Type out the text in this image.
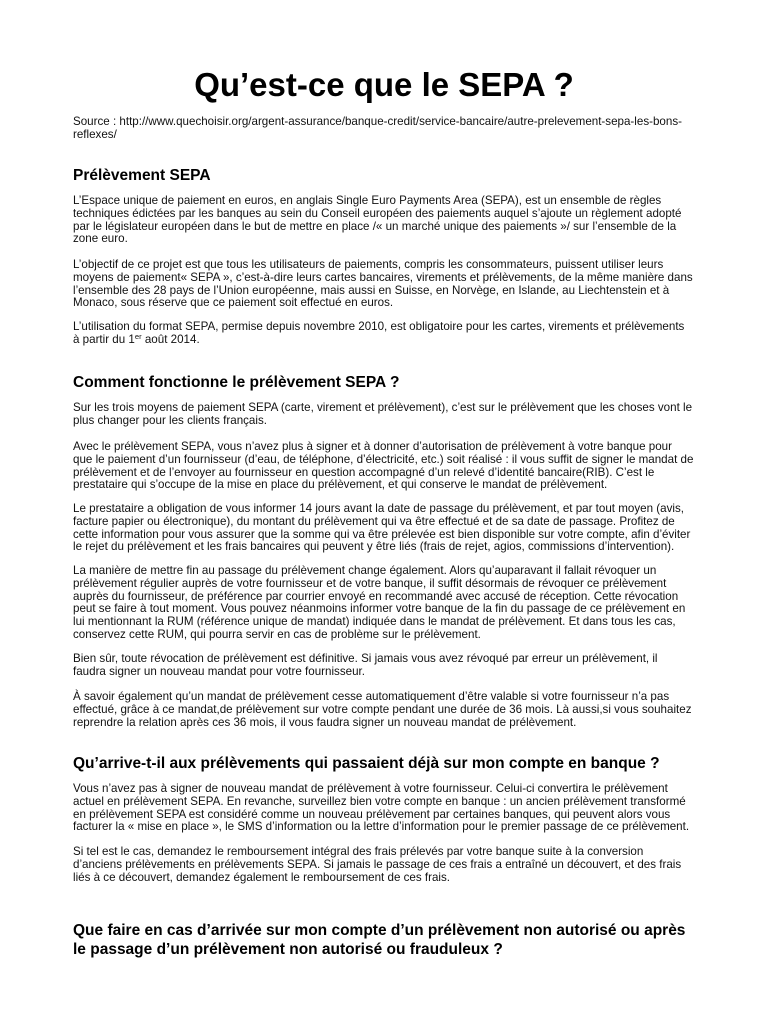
Qu’est-ce que le SEPA ?
Source : http://www.quechoisir.org/argent-assurance/banque-credit/service-bancaire/autre-prelevement-sepa-les-bons-
reflexes/
Prélèvement SEPA

L’Espace unique de paiement en euros, en anglais Single Euro Payments Area (SEPA), est un ensemble de règles
techniques édictées par les banques au sein du Conseil européen des paiements auquel s’ajoute un règlement adopté
par le législateur européen dans le but de mettre en place /« un marché unique des paiements »/ sur l’ensemble de la
zone euro.

L’objectif de ce projet est que tous les utilisateurs de paiements, compris les consommateurs, puissent utiliser leurs
moyens de paiement« SEPA », c’est-à-dire leurs cartes bancaires, virements et prélèvements, de la même manière dans
l’ensemble des 28 pays de l’Union européenne, mais aussi en Suisse, en Norvège, en Islande, au Liechtenstein et à
Monaco, sous réserve que ce paiement soit effectué en euros.

L’utilisation du format SEPA, permise depuis novembre 2010, est obligatoire pour les cartes, virements et prélèvements
à partir du 1er août 2014.

Comment fonctionne le prélèvement SEPA ?

Sur les trois moyens de paiement SEPA (carte, virement et prélèvement), c’est sur le prélèvement que les choses vont le
plus changer pour les clients français.

Avec le prélèvement SEPA, vous n’avez plus à signer et à donner d’autorisation de prélèvement à votre banque pour
que le paiement d’un fournisseur (d’eau, de téléphone, d’électricité, etc.) soit réalisé : il vous suffit de signer le mandat de
prélèvement et de l’envoyer au fournisseur en question accompagné d’un relevé d’identité bancaire(RIB). C’est le
prestataire qui s’occupe de la mise en place du prélèvement, et qui conserve le mandat de prélèvement.

Le prestataire a obligation de vous informer 14 jours avant la date de passage du prélèvement, et par tout moyen (avis,
facture papier ou électronique), du montant du prélèvement qui va être effectué et de sa date de passage. Profitez de
cette information pour vous assurer que la somme qui va être prélevée est bien disponible sur votre compte, afin d’éviter
le rejet du prélèvement et les frais bancaires qui peuvent y être liés (frais de rejet, agios, commissions d’intervention).

La manière de mettre fin au passage du prélèvement change également. Alors qu’auparavant il fallait révoquer un
prélèvement régulier auprès de votre fournisseur et de votre banque, il suffit désormais de révoquer ce prélèvement
auprès du fournisseur, de préférence par courrier envoyé en recommandé avec accusé de réception. Cette révocation
peut se faire à tout moment. Vous pouvez néanmoins informer votre banque de la fin du passage de ce prélèvement en
lui mentionnant la RUM (référence unique de mandat) indiquée dans le mandat de prélèvement. Et dans tous les cas,
conservez cette RUM, qui pourra servir en cas de problème sur le prélèvement.

Bien sûr, toute révocation de prélèvement est définitive. Si jamais vous avez révoqué par erreur un prélèvement, il
faudra signer un nouveau mandat pour votre fournisseur.

À savoir également qu’un mandat de prélèvement cesse automatiquement d’être valable si votre fournisseur n’a pas
effectué, grâce à ce mandat,de prélèvement sur votre compte pendant une durée de 36 mois. Là aussi,si vous souhaitez
reprendre la relation après ces 36 mois, il vous faudra signer un nouveau mandat de prélèvement.

Qu’arrive-t-il aux prélèvements qui passaient déjà sur mon compte en banque ?

Vous n’avez pas à signer de nouveau mandat de prélèvement à votre fournisseur. Celui-ci convertira le prélèvement
actuel en prélèvement SEPA. En revanche, surveillez bien votre compte en banque : un ancien prélèvement transformé
en prélèvement SEPA est considéré comme un nouveau prélèvement par certaines banques, qui peuvent alors vous
facturer la « mise en place », le SMS d’information ou la lettre d’information pour le premier passage de ce prélèvement.

Si tel est le cas, demandez le remboursement intégral des frais prélevés par votre banque suite à la conversion
d’anciens prélèvements en prélèvements SEPA. Si jamais le passage de ces frais a entraîné un découvert, et des frais
liés à ce découvert, demandez également le remboursement de ces frais.

Que faire en cas d’arrivée sur mon compte d’un prélèvement non autorisé ou après
le passage d’un prélèvement non autorisé ou frauduleux ?
